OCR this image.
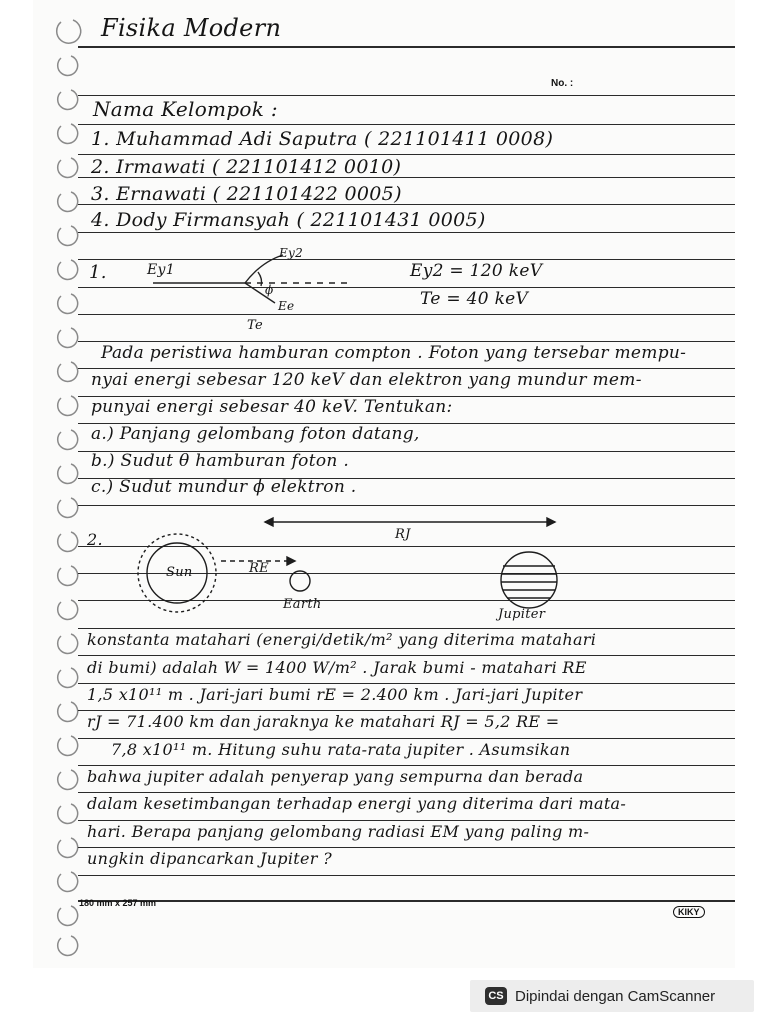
Fisika Modern
No. :
Nama Kelompok :
1. Muhammad Adi Saputra ( 221101411 0008)
2. Irmawati ( 221101412 0010)
3. Ernawati ( 221101422 0005)
4. Dody Firmansyah ( 221101431 0005)
1.	Ey1
Ey2
ϕ
Ee
Te
Ey2 = 120 keV
Te = 40 keV
Pada peristiwa hamburan compton . Foton yang tersebar mempu-
nyai energi sebesar 120 keV dan elektron yang mundur mem-
punyai energi sebesar 40 keV. Tentukan:
a.) Panjang gelombang foton datang,
b.) Sudut θ hamburan foton .
c.) Sudut mundur ϕ elektron .
2.
Sun	RE
Earth
RJ
Jupiter
konstanta matahari (energi/detik/m² yang diterima matahari
di bumi) adalah W = 1400 W/m² . Jarak bumi - matahari RE
1,5 x10¹¹ m . Jari-jari bumi rE = 2.400 km . Jari-jari Jupiter
rJ = 71.400 km dan jaraknya ke matahari RJ = 5,2 RE =
7,8 x10¹¹ m. Hitung suhu rata-rata jupiter . Asumsikan
bahwa jupiter adalah penyerap yang sempurna dan berada
dalam kesetimbangan terhadap energi yang diterima dari mata-
hari. Berapa panjang gelombang radiasi EM yang paling m-
ungkin dipancarkan Jupiter ?
180 mm x 257 mm
KIKY
CS Dipindai dengan CamScanner
